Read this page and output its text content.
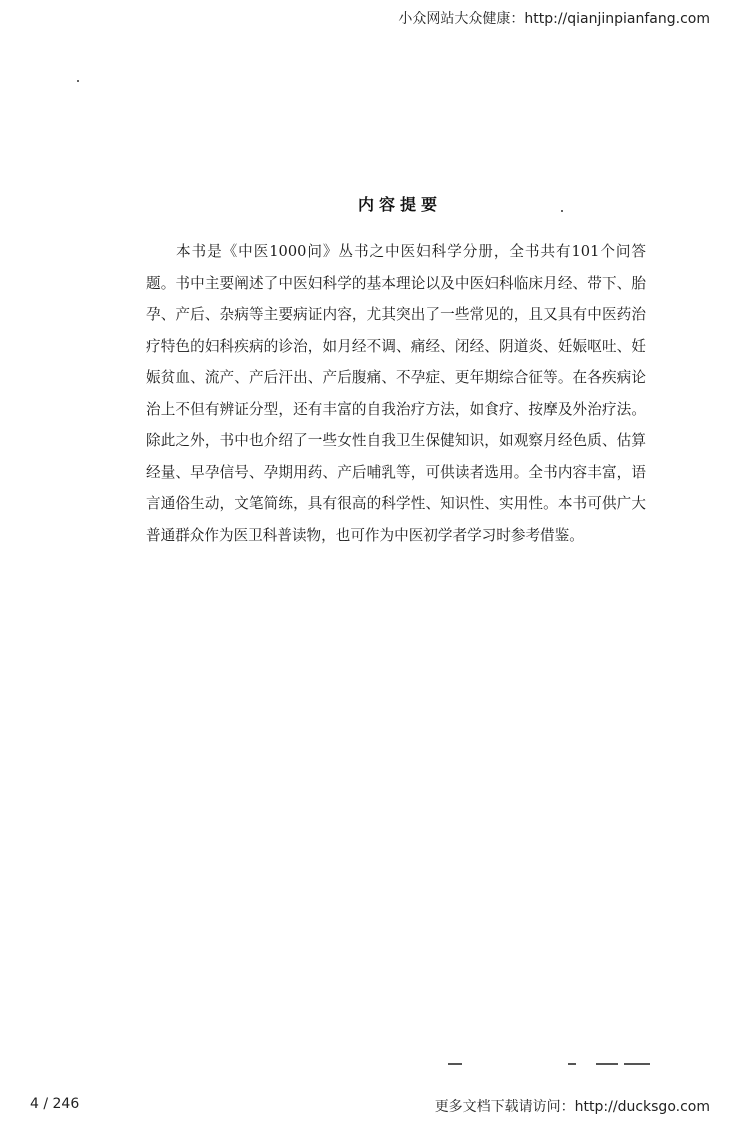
小众网站大众健康：http://qianjinpianfang.com
内容提要

本书是《中医1000问》丛书之中医妇科学分册，全书共有101个问答题。书中主要阐述了中医妇科学的基本理论以及中医妇科临床月经、带下、胎孕、产后、杂病等主要病证内容，尤其突出了一些常见的，且又具有中医药治疗特色的妇科疾病的诊治，如月经不调、痛经、闭经、阴道炎、妊娠呕吐、妊娠贫血、流产、产后汗出、产后腹痛、不孕症、更年期综合征等。在各疾病论治上不但有辨证分型，还有丰富的自我治疗方法，如食疗、按摩及外治疗法。除此之外，书中也介绍了一些女性自我卫生保健知识，如观察月经色质、估算经量、早孕信号、孕期用药、产后哺乳等，可供读者选用。全书内容丰富，语言通俗生动，文笔简练，具有很高的科学性、知识性、实用性。本书可供广大普通群众作为医卫科普读物，也可作为中医初学者学习时参考借鉴。

4 / 246	更多文档下载请访问：http://ducksgo.com
